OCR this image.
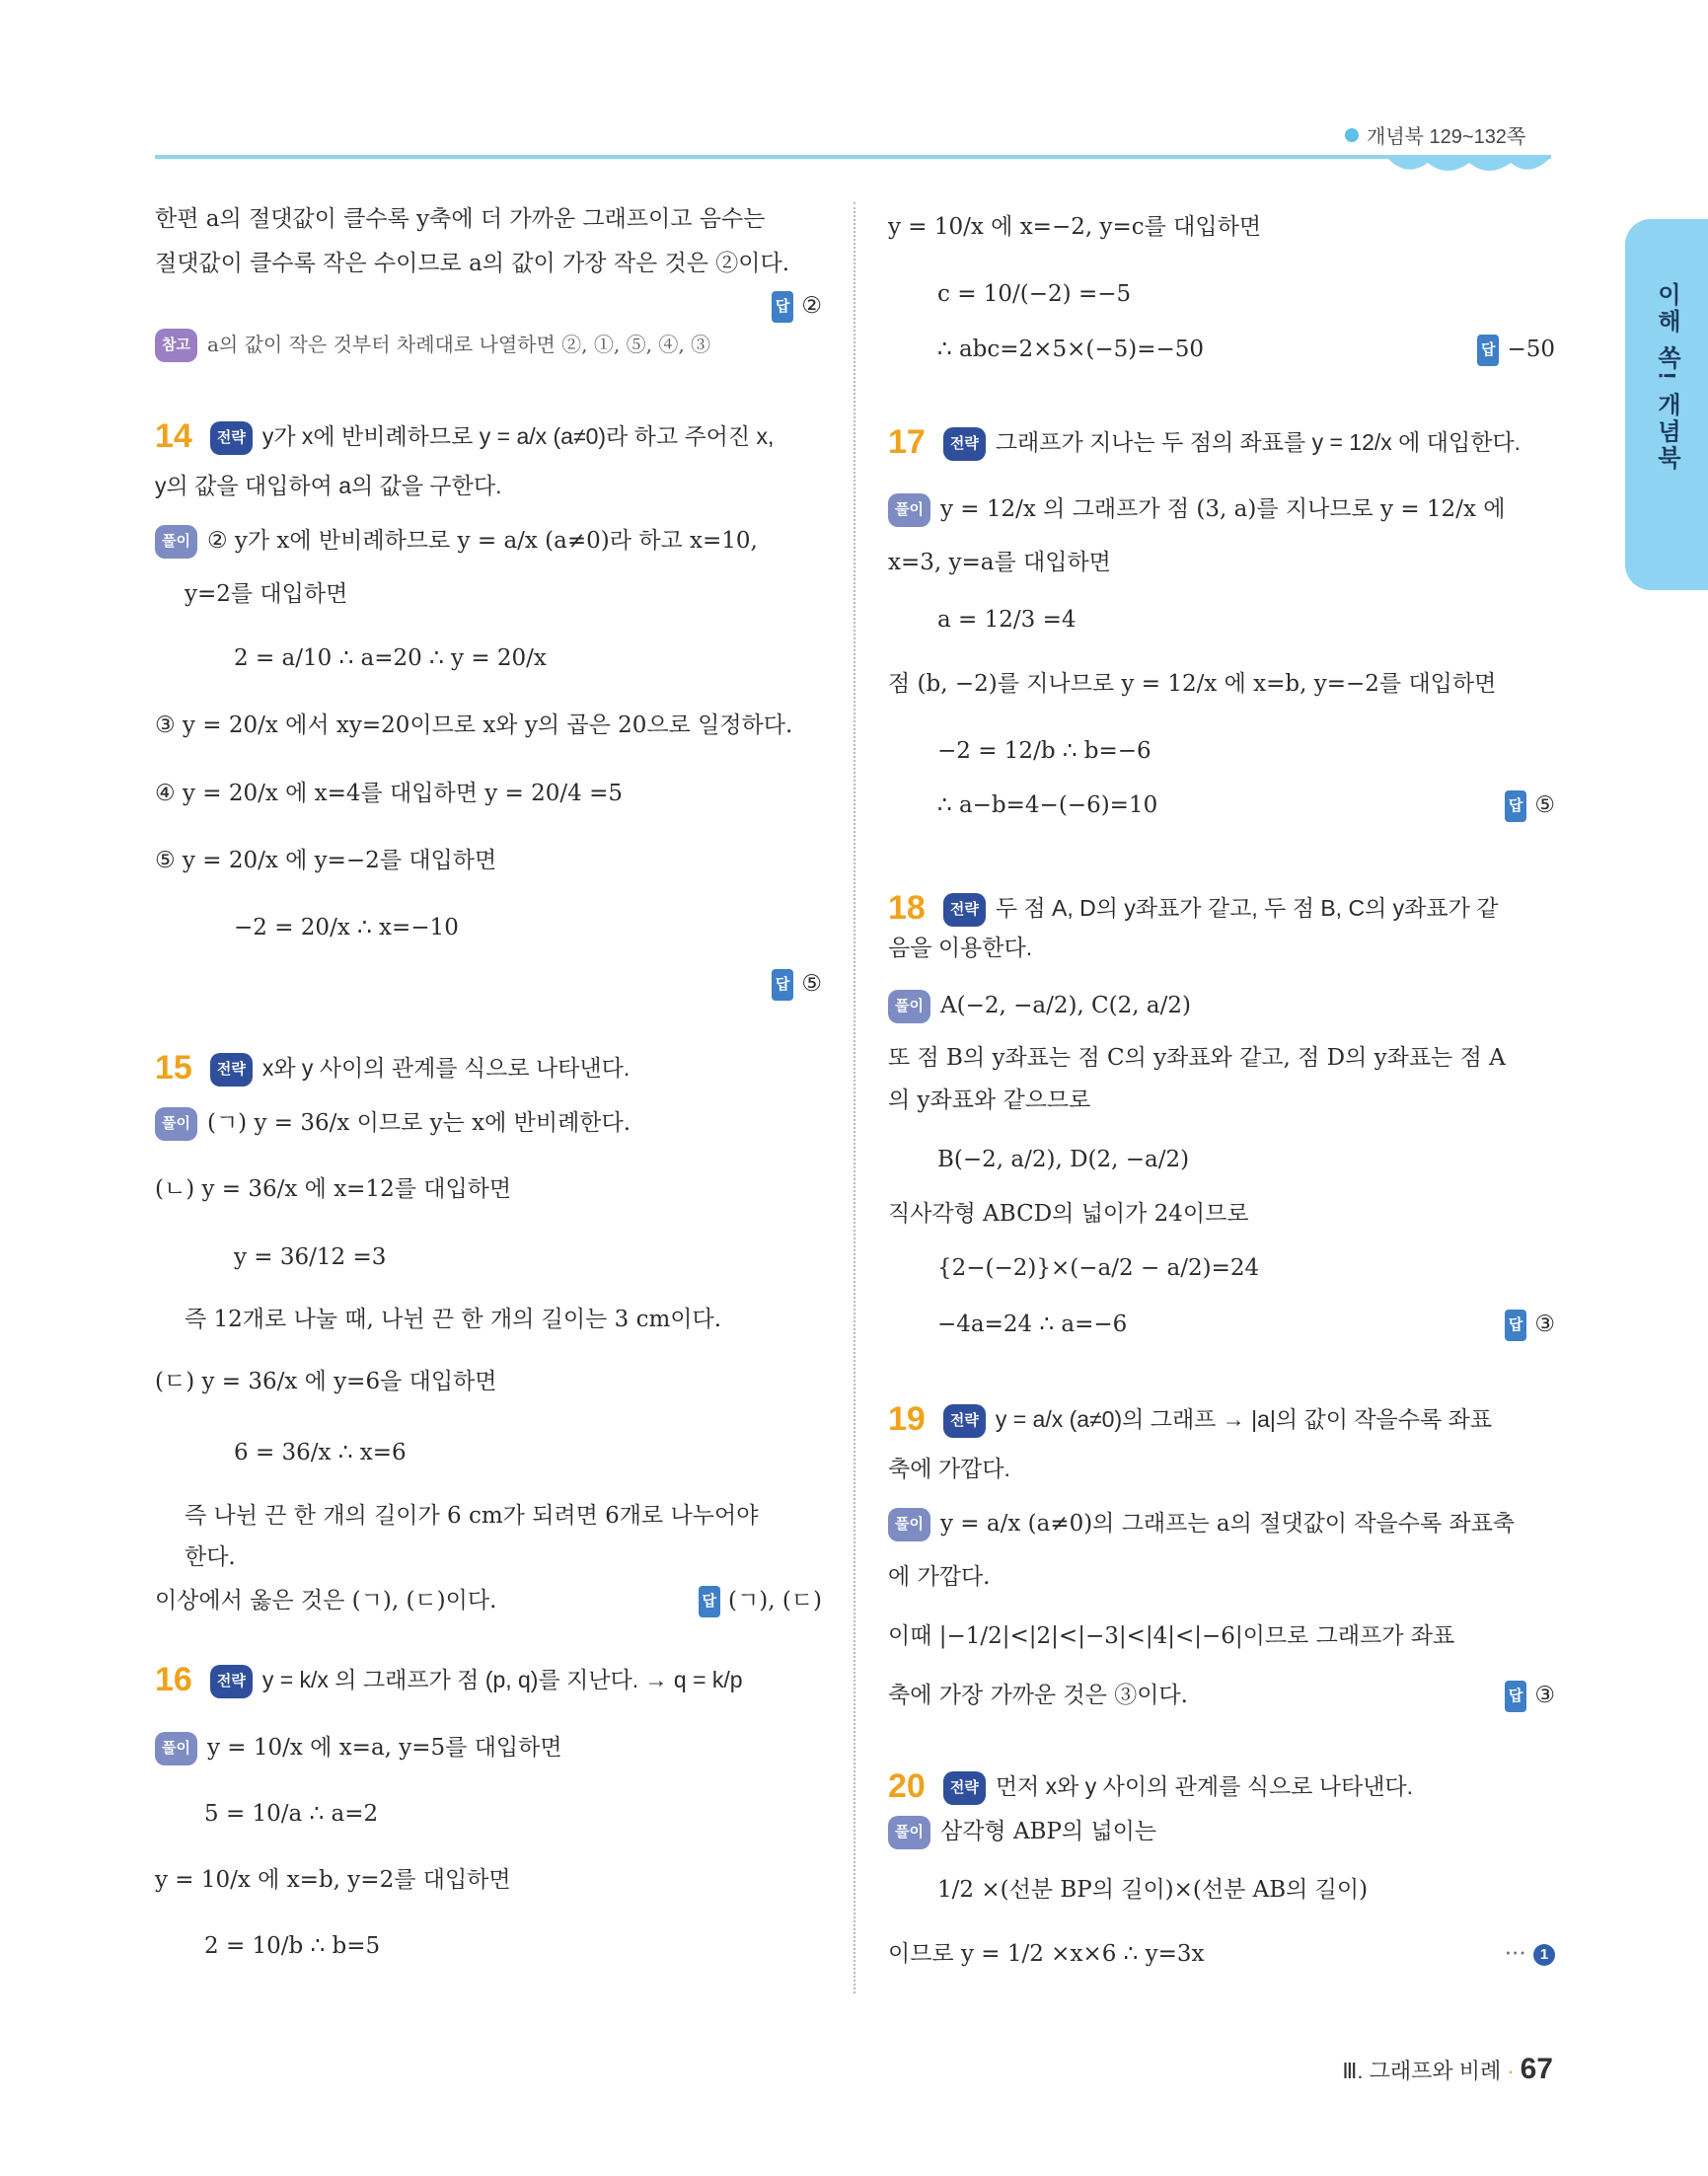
개념북 129~132쪽
이해 쏙! 개념북
한편 a의 절댓값이 클수록 y축에 더 가까운 그래프이고 음수는
절댓값이 클수록 작은 수이므로 a의 값이 가장 작은 것은 ②이다.
답 ②
참고 a의 값이 작은 것부터 차례대로 나열하면 ②, ①, ⑤, ④, ③
14 전략 y가 x에 반비례하므로 y = a/x (a≠0)라 하고 주어진 x,
y의 값을 대입하여 a의 값을 구한다.
풀이 ② y가 x에 반비례하므로 y = a/x (a≠0)라 하고 x=10,
y=2를 대입하면
2 = a/10 ∴ a=20 ∴ y = 20/x
③ y = 20/x 에서 xy=20이므로 x와 y의 곱은 20으로 일정하다.
④ y = 20/x 에 x=4를 대입하면 y = 20/4 =5
⑤ y = 20/x 에 y=−2를 대입하면
−2 = 20/x ∴ x=−10
답 ⑤
15 전략 x와 y 사이의 관계를 식으로 나타낸다.
풀이 (ㄱ) y = 36/x 이므로 y는 x에 반비례한다.
(ㄴ) y = 36/x 에 x=12를 대입하면
y = 36/12 =3
즉 12개로 나눌 때, 나뉜 끈 한 개의 길이는 3 cm이다.
(ㄷ) y = 36/x 에 y=6을 대입하면
6 = 36/x ∴ x=6
즉 나뉜 끈 한 개의 길이가 6 cm가 되려면 6개로 나누어야
한다.
이상에서 옳은 것은 (ㄱ), (ㄷ)이다.	답 (ㄱ), (ㄷ)
16 전략 y = k/x 의 그래프가 점 (p, q)를 지난다. → q = k/p
풀이 y = 10/x 에 x=a, y=5를 대입하면
5 = 10/a ∴ a=2
y = 10/x 에 x=b, y=2를 대입하면
2 = 10/b ∴ b=5
y = 10/x 에 x=−2, y=c를 대입하면
c = 10/(−2) =−5
∴ abc=2×5×(−5)=−50	답 −50
17 전략 그래프가 지나는 두 점의 좌표를 y = 12/x 에 대입한다.
풀이 y = 12/x 의 그래프가 점 (3, a)를 지나므로 y = 12/x 에
x=3, y=a를 대입하면
a = 12/3 =4
점 (b, −2)를 지나므로 y = 12/x 에 x=b, y=−2를 대입하면
−2 = 12/b ∴ b=−6
∴ a−b=4−(−6)=10	답 ⑤
18 전략 두 점 A, D의 y좌표가 같고, 두 점 B, C의 y좌표가 같
음을 이용한다.
풀이 A(−2, −a/2), C(2, a/2)
또 점 B의 y좌표는 점 C의 y좌표와 같고, 점 D의 y좌표는 점 A
의 y좌표와 같으므로
B(−2, a/2), D(2, −a/2)
직사각형 ABCD의 넓이가 24이므로
{2−(−2)}×(−a/2 − a/2)=24
−4a=24 ∴ a=−6	답 ③
19 전략 y = a/x (a≠0)의 그래프 → |a|의 값이 작을수록 좌표
축에 가깝다.
풀이 y = a/x (a≠0)의 그래프는 a의 절댓값이 작을수록 좌표축
에 가깝다.
이때 |−1/2|<|2|<|−3|<|4|<|−6|이므로 그래프가 좌표
축에 가장 가까운 것은 ③이다.	답 ③
20 전략 먼저 x와 y 사이의 관계를 식으로 나타낸다.
풀이 삼각형 ABP의 넓이는
1/2 ×(선분 BP의 길이)×(선분 AB의 길이)
이므로 y = 1/2 ×x×6 ∴ y=3x	··· 1
Ⅲ. 그래프와 비례 · 67
